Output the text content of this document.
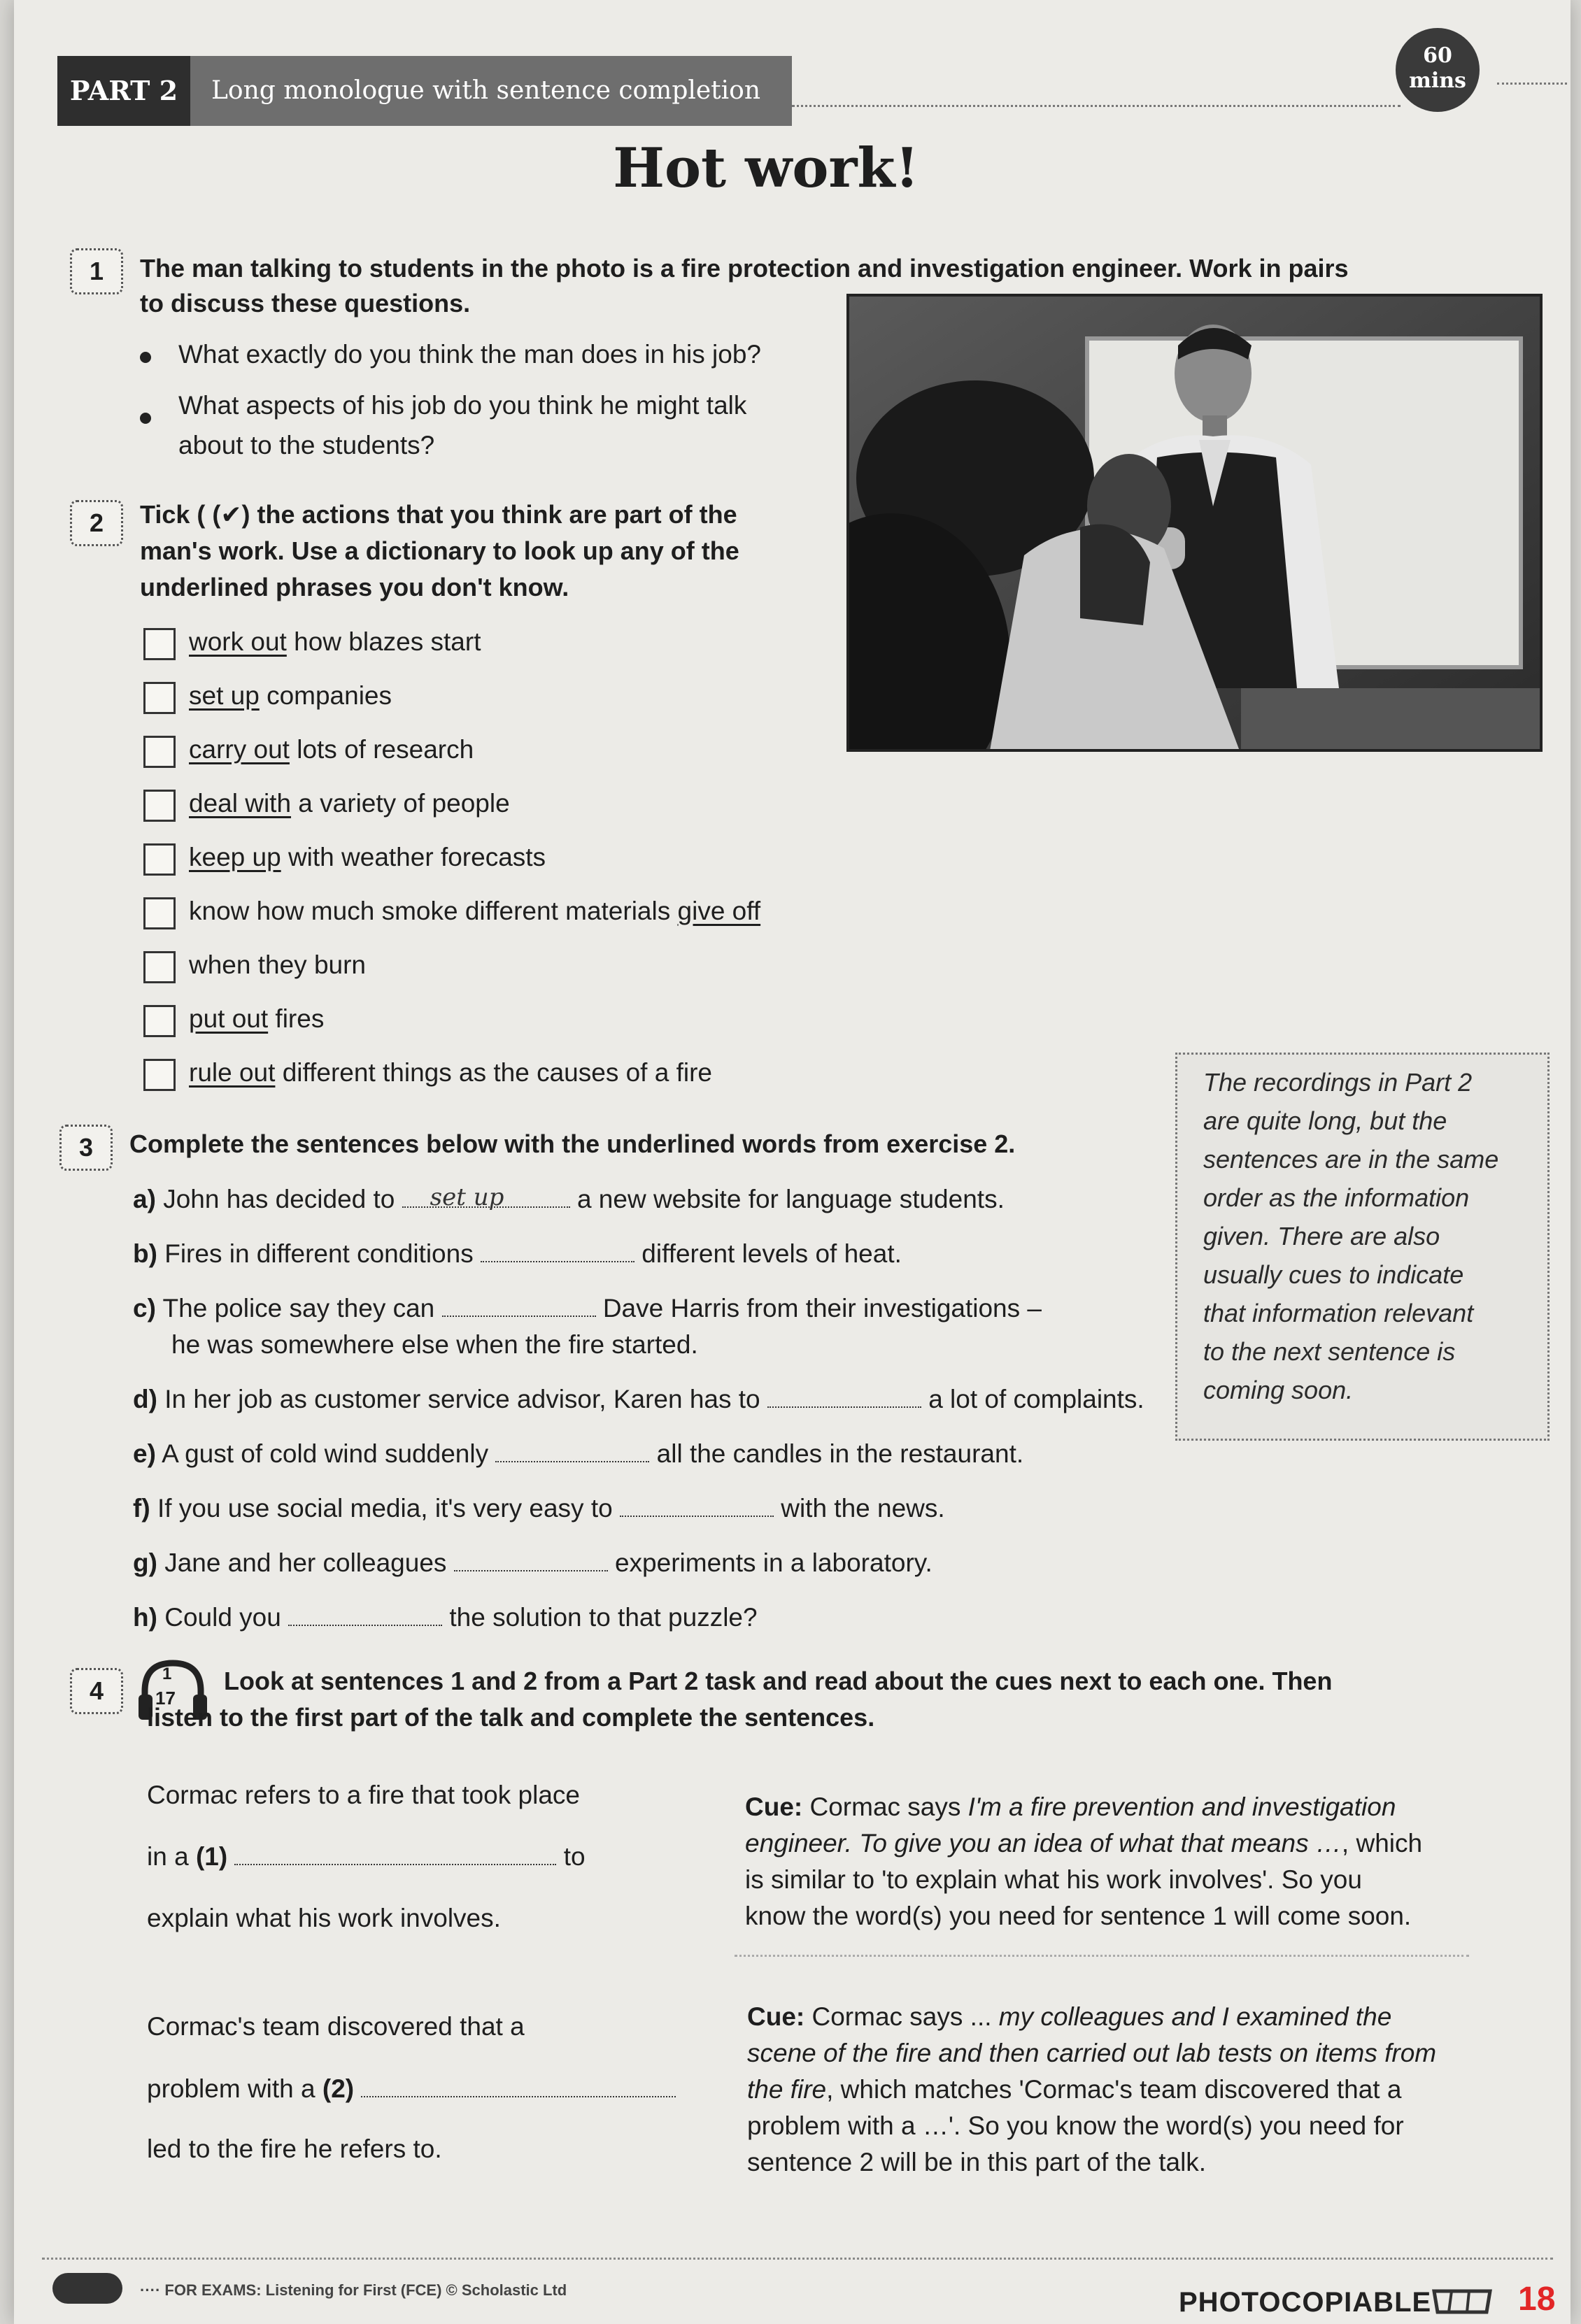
PART 2	Long monologue with sentence completion
60
mins
Hot work!
1	The man talking to students in the photo is a fire protection and investigation engineer. Work in pairs
to discuss these questions.
What exactly do you think the man does in his job?
What aspects of his job do you think he might talk
about to the students?
2	Tick ( (✔) the actions that you think are part of the
man's work. Use a dictionary to look up any of the
underlined phrases you don't know.
work out how blazes start
set up companies
carry out lots of research
deal with a variety of people
keep up with weather forecasts
know how much smoke different materials give off
when they burn
put out fires
rule out different things as the causes of a fire	The recordings in Part 2
are quite long, but the
sentences are in the same
order as the information
given. There are also
usually cues to indicate
that information relevant
to the next sentence is
coming soon.
3	Complete the sentences below with the underlined words from exercise 2.
a) John has decided to set up	a new website for language students.
b) Fires in different conditions	different levels of heat.
c) The police say they can	Dave Harris from their investigations –
he was somewhere else when the fire started.
d) In her job as customer service advisor, Karen has to	a lot of complaints.
e) A gust of cold wind suddenly	all the candles in the restaurant.
f) If you use social media, it's very easy to	with the news.
g) Jane and her colleagues	experiments in a laboratory.
h) Could you	the solution to that puzzle?
4
1
17
Look at sentences 1 and 2 from a Part 2 task and read about the cues next to each one. Then
listen to the first part of the talk and complete the sentences.
Cormac refers to a fire that took place
in a (1)	to
explain what his work involves.
Cue: Cormac says I'm a fire prevention and investigation
engineer. To give you an idea of what that means …, which
is similar to 'to explain what his work involves'. So you
know the word(s) you need for sentence 1 will come soon.
Cormac's team discovered that a
problem with a (2)
led to the fire he refers to.
Cue: Cormac says ... my colleagues and I examined the
scene of the fire and then carried out lab tests on items from
the fire, which matches 'Cormac's team discovered that a
problem with a …'. So you know the word(s) you need for
sentence 2 will be in this part of the talk.
···· FOR EXAMS: Listening for First (FCE) © Scholastic Ltd	PHOTOCOPIABLE	18
